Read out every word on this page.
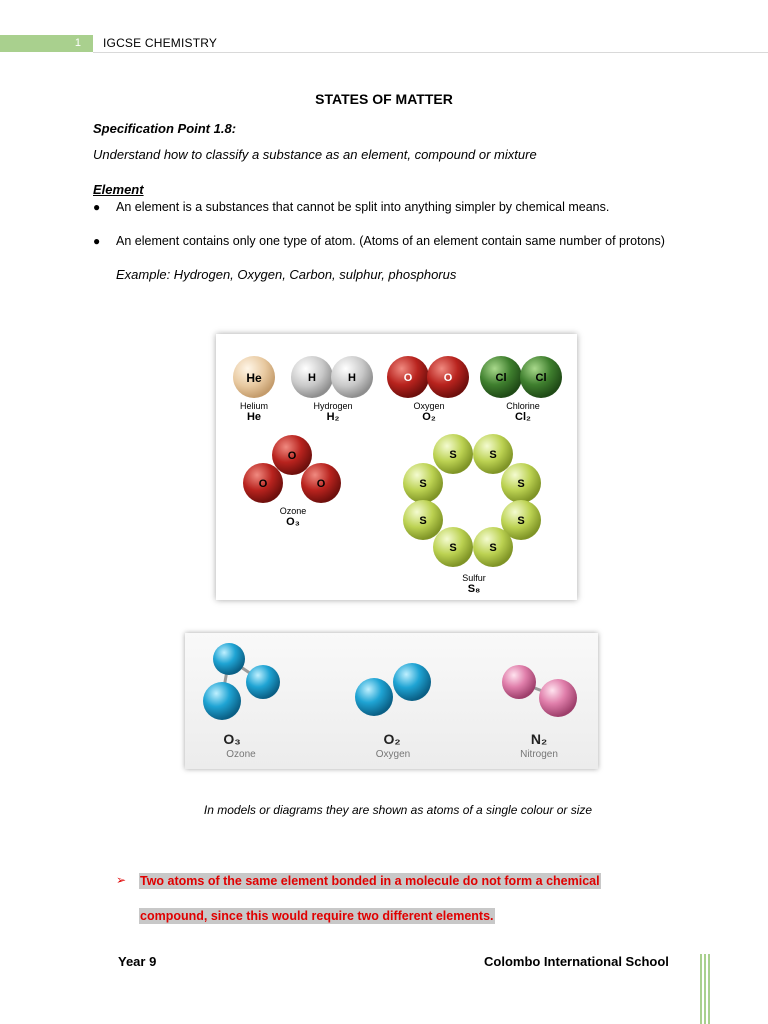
1	IGCSE CHEMISTRY
STATES OF MATTER
Specification Point 1.8:
Understand how to classify a substance as an element, compound or mixture
Element
● An element is a substances that cannot be split into anything simpler by chemical means.
● An element contains only one type of atom. (Atoms of an element contain same number of protons)
Example: Hydrogen, Oxygen, Carbon, sulphur, phosphorus
He
Helium
He
H	H
Hydrogen
H₂
O	O
Oxygen
O₂
Cl	Cl
Chlorine
Cl₂
O
O	O
Ozone
O₃
S	S
S	S
S	S
S	S
Sulfur
S₈
O₃
Ozone
O₂
Oxygen
N₂
Nitrogen
In models or diagrams they are shown as atoms of a single colour or size
➢ Two atoms of the same element bonded in a molecule do not form a chemical
compound, since this would require two different elements.
Year 9	Colombo International School
